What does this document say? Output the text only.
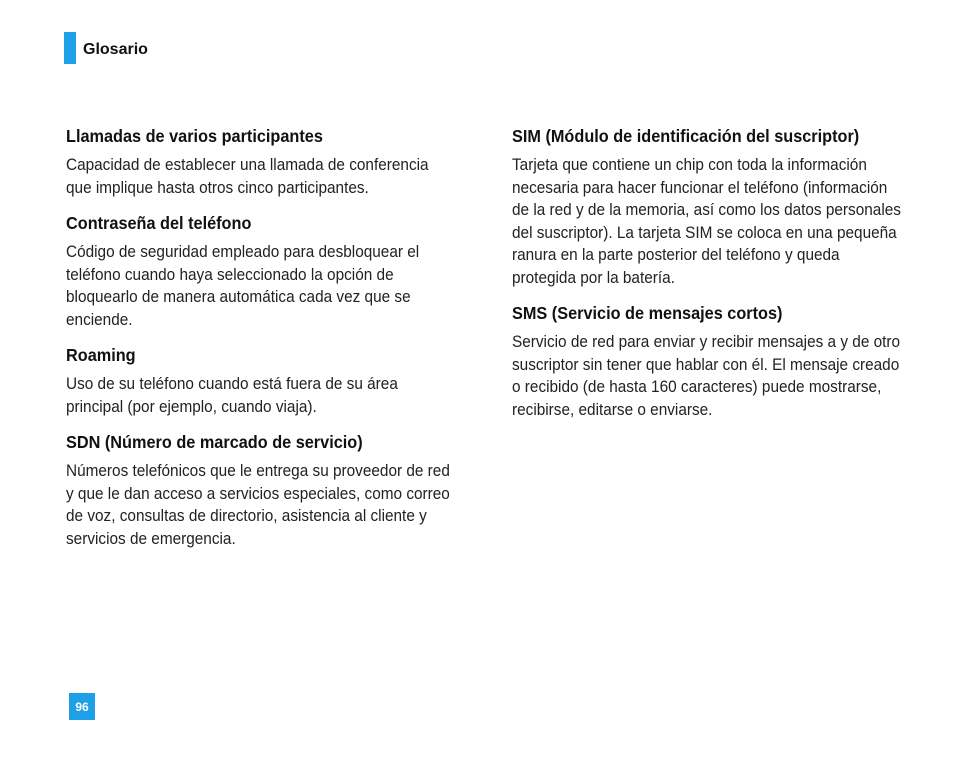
Glosario
Llamadas de varios participantes

Capacidad de establecer una llamada de conferencia que implique hasta otros cinco participantes.

Contraseña del teléfono

Código de seguridad empleado para desbloquear el teléfono cuando haya seleccionado la opción de bloquearlo de manera automática cada vez que se enciende.

Roaming

Uso de su teléfono cuando está fuera de su área principal (por ejemplo, cuando viaja).

SDN (Número de marcado de servicio)

Números telefónicos que le entrega su proveedor de red y que le dan acceso a servicios especiales, como correo de voz, consultas de directorio, asistencia al cliente y servicios de emergencia.

SIM (Módulo de identificación del suscriptor)

Tarjeta que contiene un chip con toda la información necesaria para hacer funcionar el teléfono (información de la red y de la memoria, así como los datos personales del suscriptor). La tarjeta SIM se coloca en una pequeña ranura en la parte posterior del teléfono y queda protegida por la batería.

SMS (Servicio de mensajes cortos)

Servicio de red para enviar y recibir mensajes a y de otro suscriptor sin tener que hablar con él. El mensaje creado o recibido (de hasta 160 caracteres) puede mostrarse, recibirse, editarse o enviarse.

96
